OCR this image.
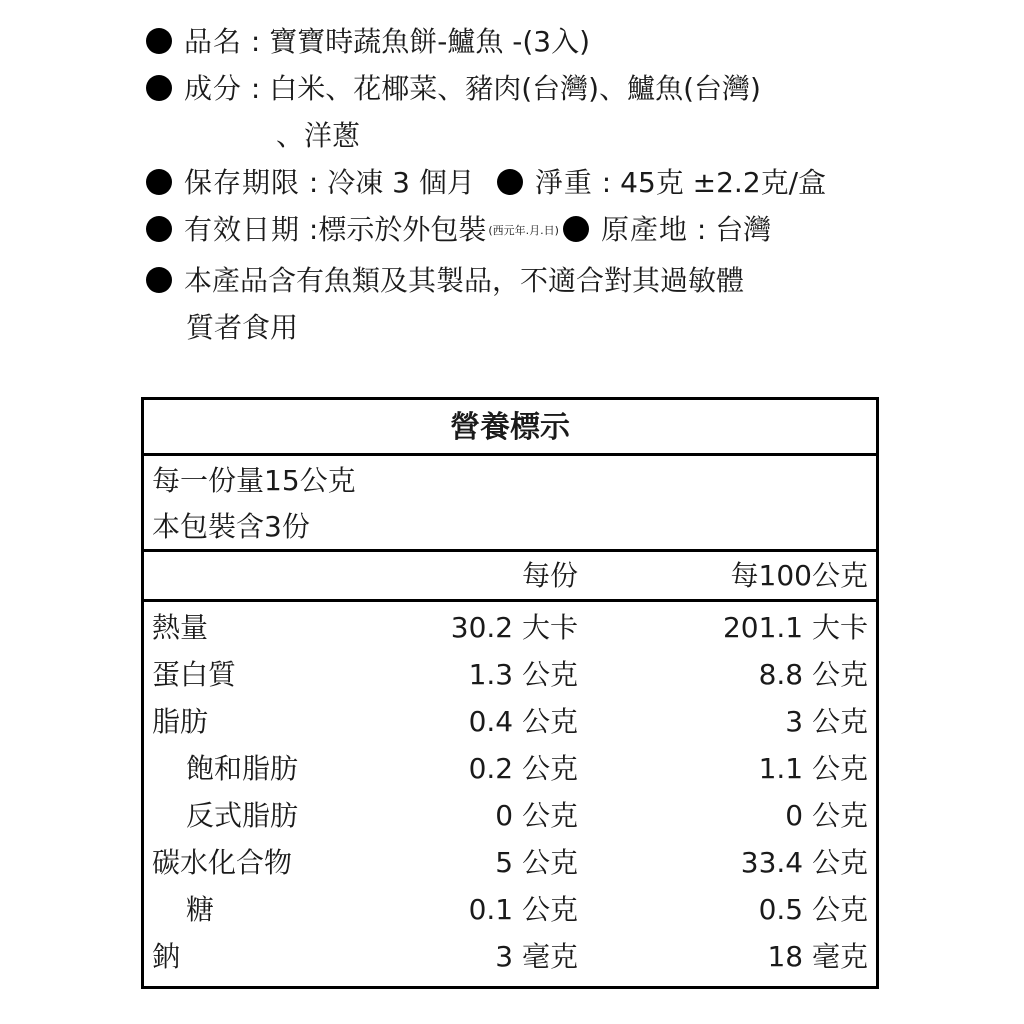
品名 : 寶寶時蔬魚餅-鱸魚 -(3入)
成分 : 白米、花椰菜、豬肉(台灣)、鱸魚(台灣)
、洋蔥
保存期限 : 冷凍 3 個月 淨重 : 45克 ±2.2克/盒
有效日期 :標示於外包裝 (西元年.月.日) 原產地 : 台灣
本產品含有魚類及其製品，不適合對其過敏體
質者食用
營養標示
每一份量15公克
本包裝含3份
每份	每100公克
熱量	30.2 大卡	201.1 大卡
蛋白質	1.3 公克	8.8 公克
脂肪	0.4 公克	3 公克
飽和脂肪	0.2 公克	1.1 公克
反式脂肪	0 公克	0 公克
碳水化合物	5 公克	33.4 公克
糖	0.1 公克	0.5 公克
鈉	3 毫克	18 毫克
